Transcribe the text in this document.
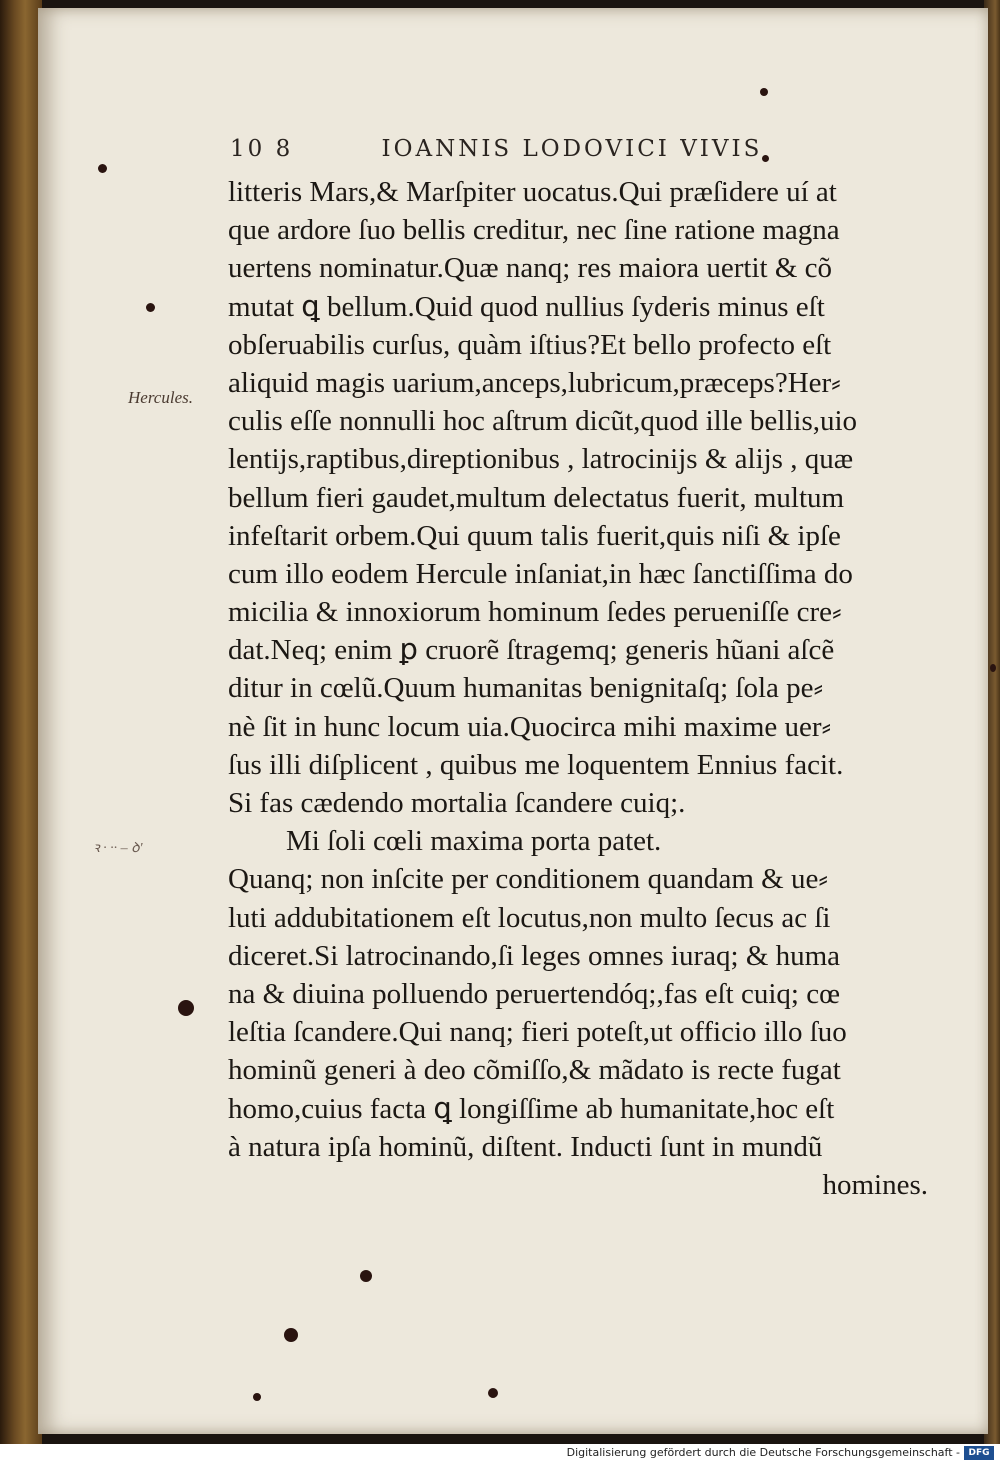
10 8	IOANNIS LODOVICI VIVIS
Hercules.
ꝛ · ·· – ꝺ'
litteris Mars,& Marſpiter uocatus.Qui præſidere uí at
que ardore ſuo bellis creditur, nec ſine ratione magna
uertens nominatur.Quæ nanq; res maiora uertit & cõ
mutat ꝗ bellum.Quid quod nullius ſyderis minus eſt
obſeruabilis curſus, quàm iſtius?Et bello profecto eſt
aliquid magis uarium,anceps,lubricum,præceps?Her⸗
culis eſſe nonnulli hoc aſtrum dicũt,quod ille bellis,uio
lentijs,raptibus,direptionibus , latrocinijs & alijs , quæ
bellum fieri gaudet,multum delectatus fuerit, multum
infeſtarit orbem.Qui quum talis fuerit,quis niſi & ipſe
cum illo eodem Hercule inſaniat,in hæc ſanctiſſima do
micilia & innoxiorum hominum ſedes perueniſſe cre⸗
dat.Neq; enim ꝑ cruorẽ ſtragemq; generis hũani aſcẽ
ditur in cœlũ.Quum humanitas benignitaſq; ſola pe⸗
nè ſit in hunc locum uia.Quocirca mihi maxime uer⸗
ſus illi diſplicent , quibus me loquentem Ennius facit.
Si fas cædendo mortalia ſcandere cuiq;.
Mi ſoli cœli maxima porta patet.
Quanq; non inſcite per conditionem quandam & ue⸗
luti addubitationem eſt locutus,non multo ſecus ac ſi
diceret.Si latrocinando,ſi leges omnes iuraq; & huma
na & diuina polluendo peruertendóq;,fas eſt cuiq; cœ
leſtia ſcandere.Qui nanq; fieri poteſt,ut officio illo ſuo
hominũ generi à deo cõmiſſo,& mãdato is recte fugat
homo,cuius facta ꝗ longiſſime ab humanitate,hoc eſt
à natura ipſa hominũ, diſtent. Inducti ſunt in mundũ
homines.
Digitalisierung gefördert durch die Deutsche Forschungsgemeinschaft - DFG
